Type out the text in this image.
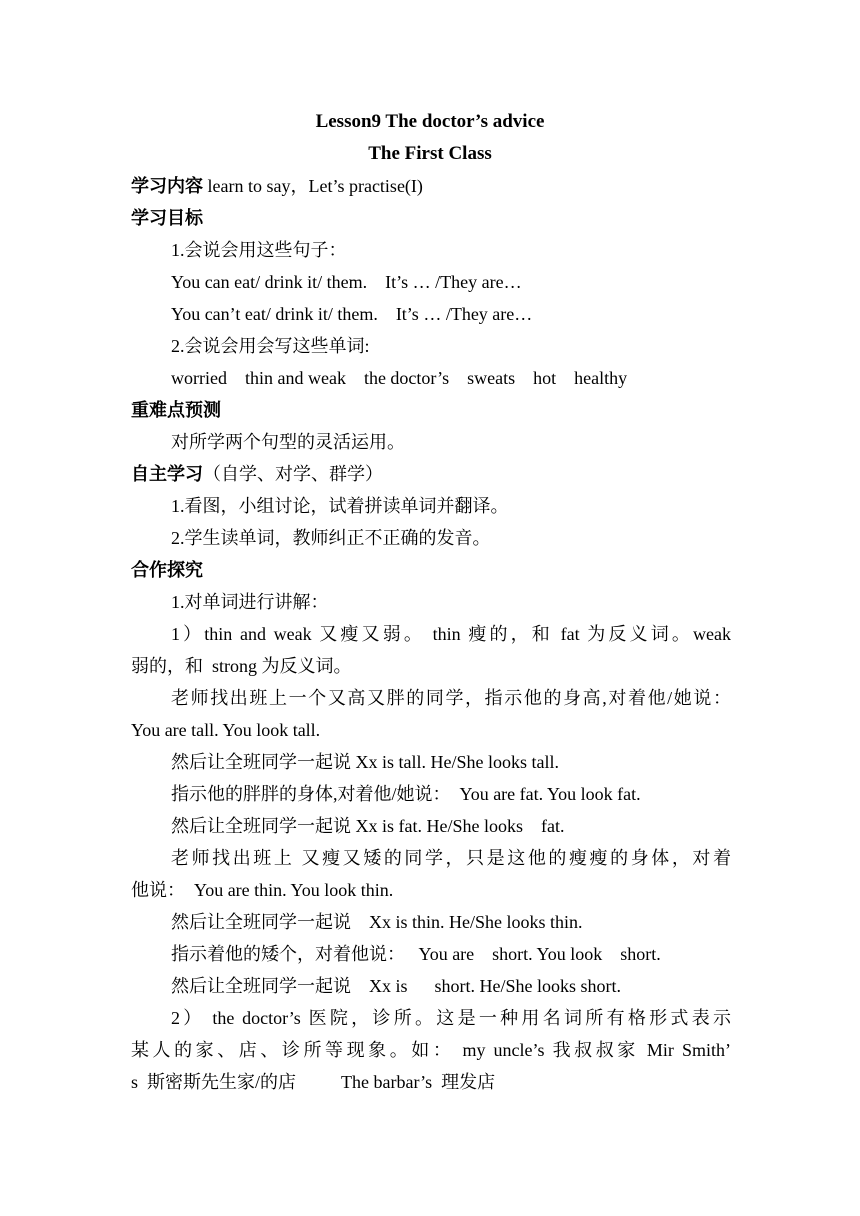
Lesson9 The doctor’s advice
The First Class
学习内容 learn to say，Let’s practise(I)
学习目标
1.会说会用这些句子：
You can eat/ drink it/ them.    It’s … /They are…
You can’t eat/ drink it/ them.    It’s … /They are…
2.会说会用会写这些单词:
worried    thin and weak    the doctor’s    sweats    hot    healthy
重难点预测
对所学两个句型的灵活运用。
自主学习（自学、对学、群学）
1.看图，小组讨论，试着拼读单词并翻译。
2.学生读单词，教师纠正不正确的发音。
合作探究
1.对单词进行讲解：
1）thin and weak 又瘦又弱。 thin 瘦的，和 fat 为反义词。weak
弱的，和  strong 为反义词。
老师找出班上一个又高又胖的同学，指示他的身高,对着他/她说：
You are tall. You look tall.
然后让全班同学一起说 Xx is tall. He/She looks tall.
指示他的胖胖的身体,对着他/她说：  You are fat. You look fat.
然后让全班同学一起说 Xx is fat. He/She looks    fat.
老师找出班上 又瘦又矮的同学，只是这他的瘦瘦的身体，对着
他说：  You are thin. You look thin.
然后让全班同学一起说    Xx is thin. He/She looks thin.
指示着他的矮个，对着他说：   You are    short. You look    short.
然后让全班同学一起说    Xx is      short. He/She looks short.
2） the doctor’s 医院，诊所。这是一种用名词所有格形式表示
某人的家、店、诊所等现象。如： my uncle’s 我叔叔家 Mir Smith’
s  斯密斯先生家/的店          The barbar’s  理发店
